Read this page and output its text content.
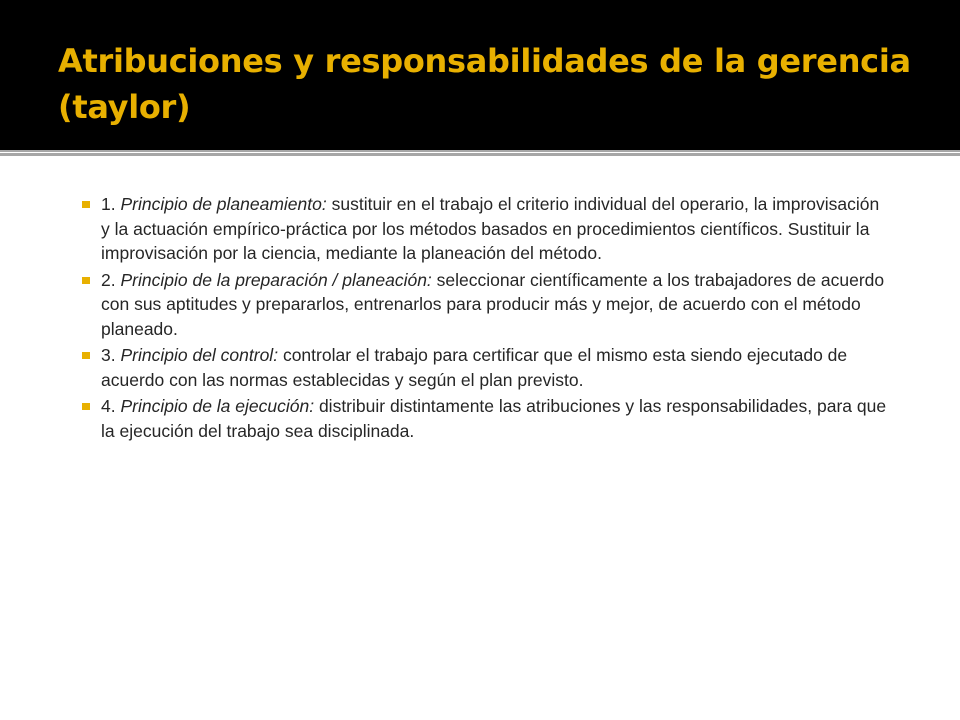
Atribuciones y responsabilidades de la gerencia (taylor)
1. Principio de planeamiento: sustituir en el trabajo el criterio individual del operario, la improvisación y la actuación empírico-práctica por los métodos basados en procedimientos científicos. Sustituir la improvisación por la ciencia, mediante la planeación del método.
2. Principio de la preparación / planeación: seleccionar científicamente a los trabajadores de acuerdo con sus aptitudes y prepararlos, entrenarlos para producir más y mejor, de acuerdo con el método planeado.
3. Principio del control: controlar el trabajo para certificar que el mismo esta siendo ejecutado de acuerdo con las normas establecidas y según el plan previsto.
4. Principio de la ejecución: distribuir distintamente las atribuciones y las responsabilidades, para que la ejecución del trabajo sea disciplinada.
